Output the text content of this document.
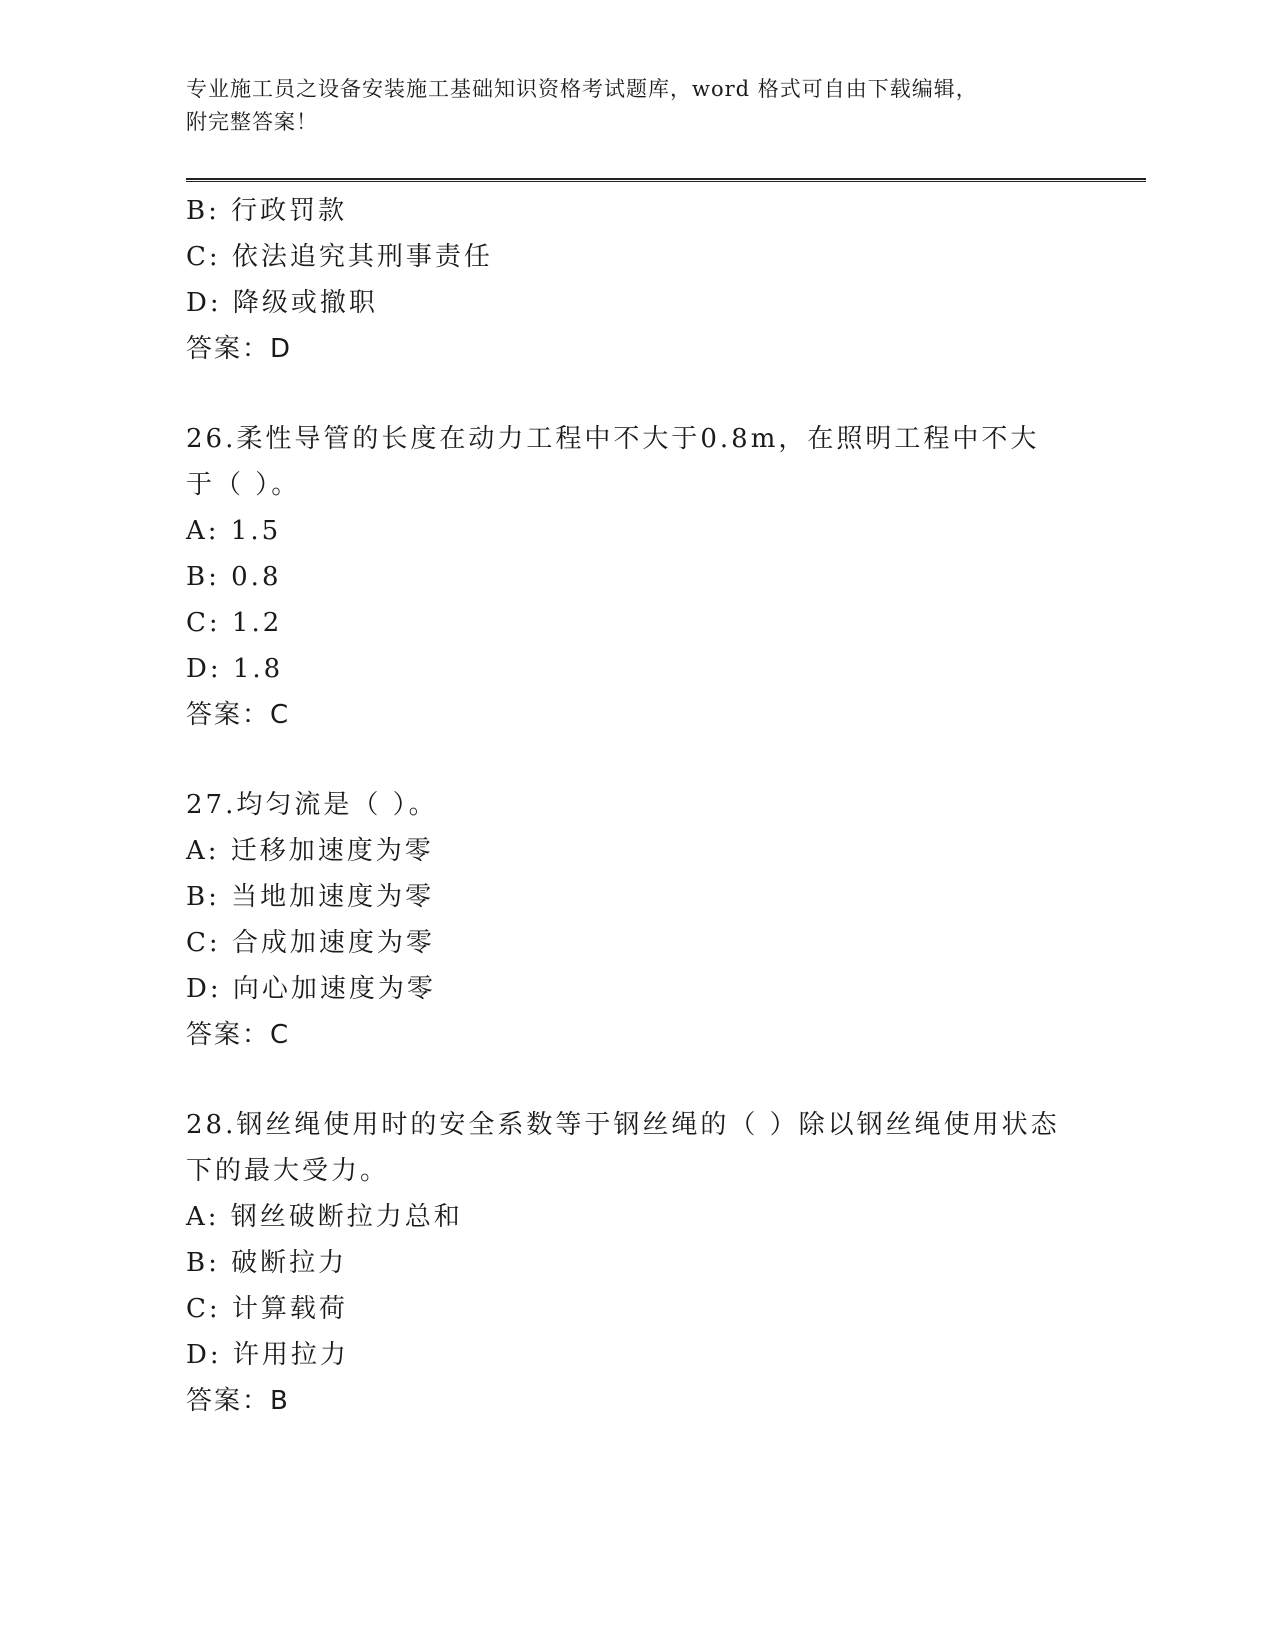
专业施工员之设备安装施工基础知识资格考试题库，word 格式可自由下载编辑，
附完整答案！
B: 行政罚款
C: 依法追究其刑事责任
D: 降级或撤职
答案：D
26.柔性导管的长度在动力工程中不大于0.8m，在照明工程中不大于（ ）。
A: 1.5
B: 0.8
C: 1.2
D: 1.8
答案：C
27.均匀流是（ ）。
A: 迁移加速度为零
B: 当地加速度为零
C: 合成加速度为零
D: 向心加速度为零
答案：C
28.钢丝绳使用时的安全系数等于钢丝绳的（ ）除以钢丝绳使用状态下的最大受力。
A: 钢丝破断拉力总和
B: 破断拉力
C: 计算载荷
D: 许用拉力
答案：B
